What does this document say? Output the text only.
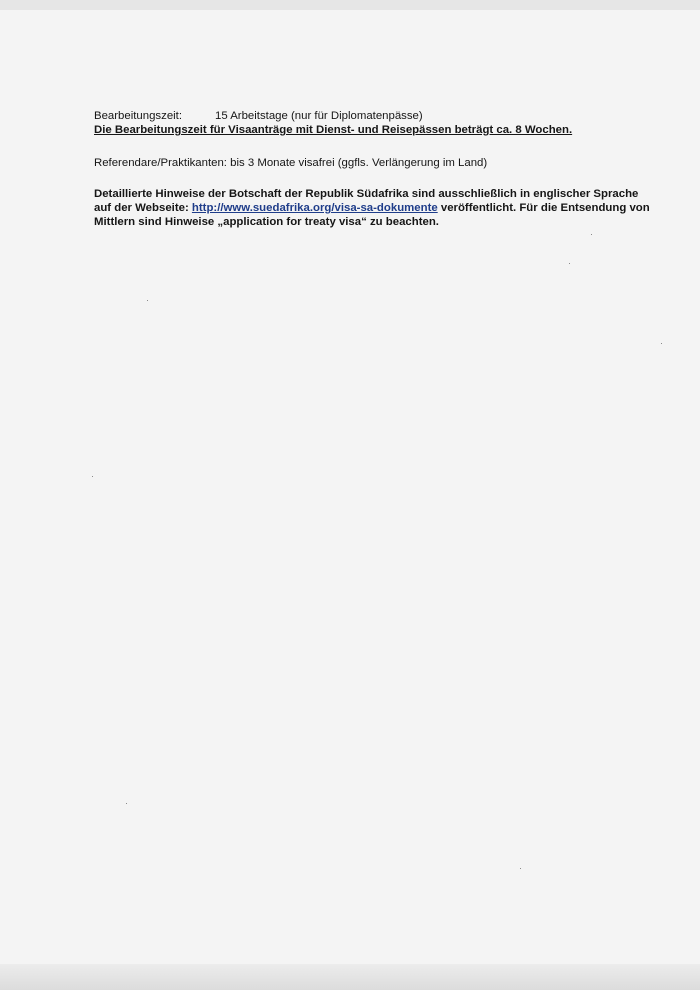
Bearbeitungszeit:	15 Arbeitstage (nur für Diplomatenpässe)
Die Bearbeitungszeit für Visaanträge mit Dienst- und Reisepässen beträgt ca. 8 Wochen.
Referendare/Praktikanten: bis 3 Monate visafrei (ggfls. Verlängerung im Land)
Detaillierte Hinweise der Botschaft der Republik Südafrika sind ausschließlich in englischer Sprache auf der Webseite: http://www.suedafrika.org/visa-sa-dokumente veröffentlicht. Für die Entsendung von Mittlern sind Hinweise „application for treaty visa“ zu beachten.
